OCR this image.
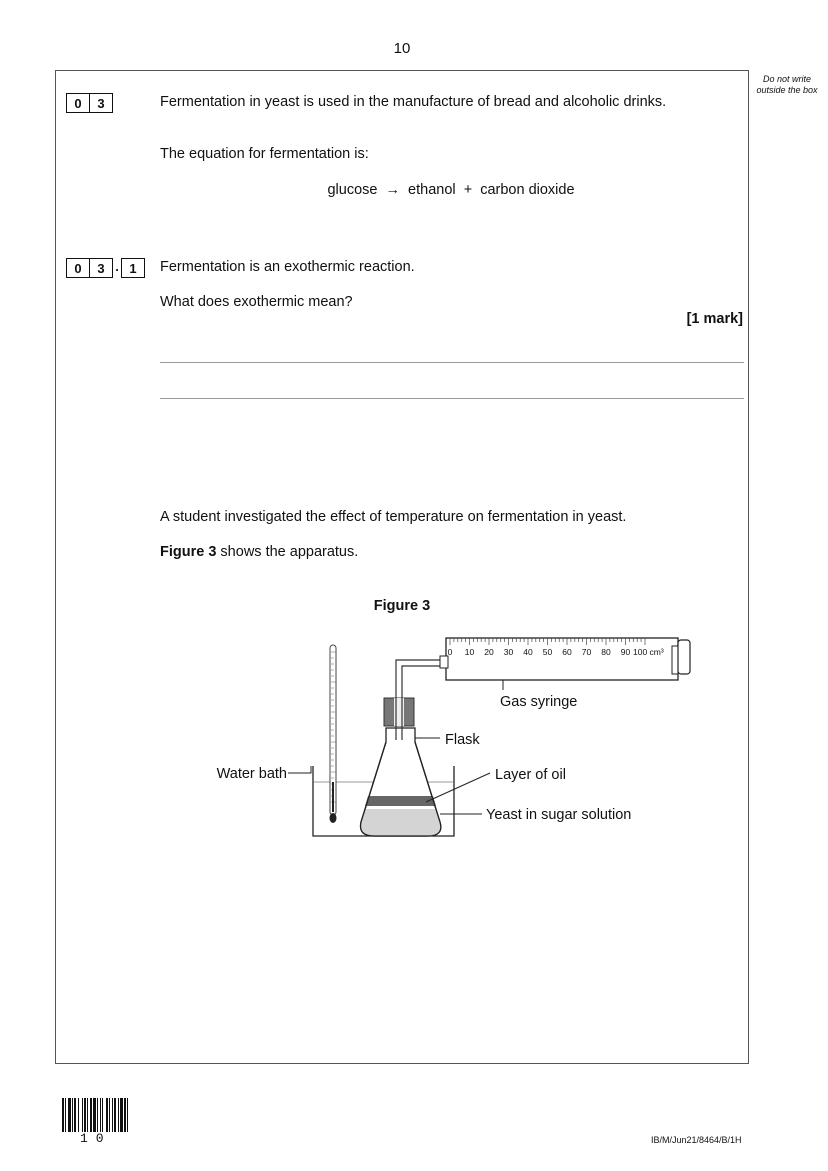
10
Do not write outside the box
0	3	Fermentation in yeast is used in the manufacture of bread and alcoholic drinks.
The equation for fermentation is:
glucose  →  ethanol  +  carbon dioxide
0	3 . 1	Fermentation is an exothermic reaction.
What does exothermic mean?
[1 mark]
A student investigated the effect of temperature on fermentation in yeast.
Figure 3 shows the apparatus.
Figure 3
0 10 20 30 40 50 60 70 80 90 100 cm³
Gas syringe
Flask
Water bath	Layer of oil
Yeast in sugar solution
10	IB/M/Jun21/8464/B/1H
